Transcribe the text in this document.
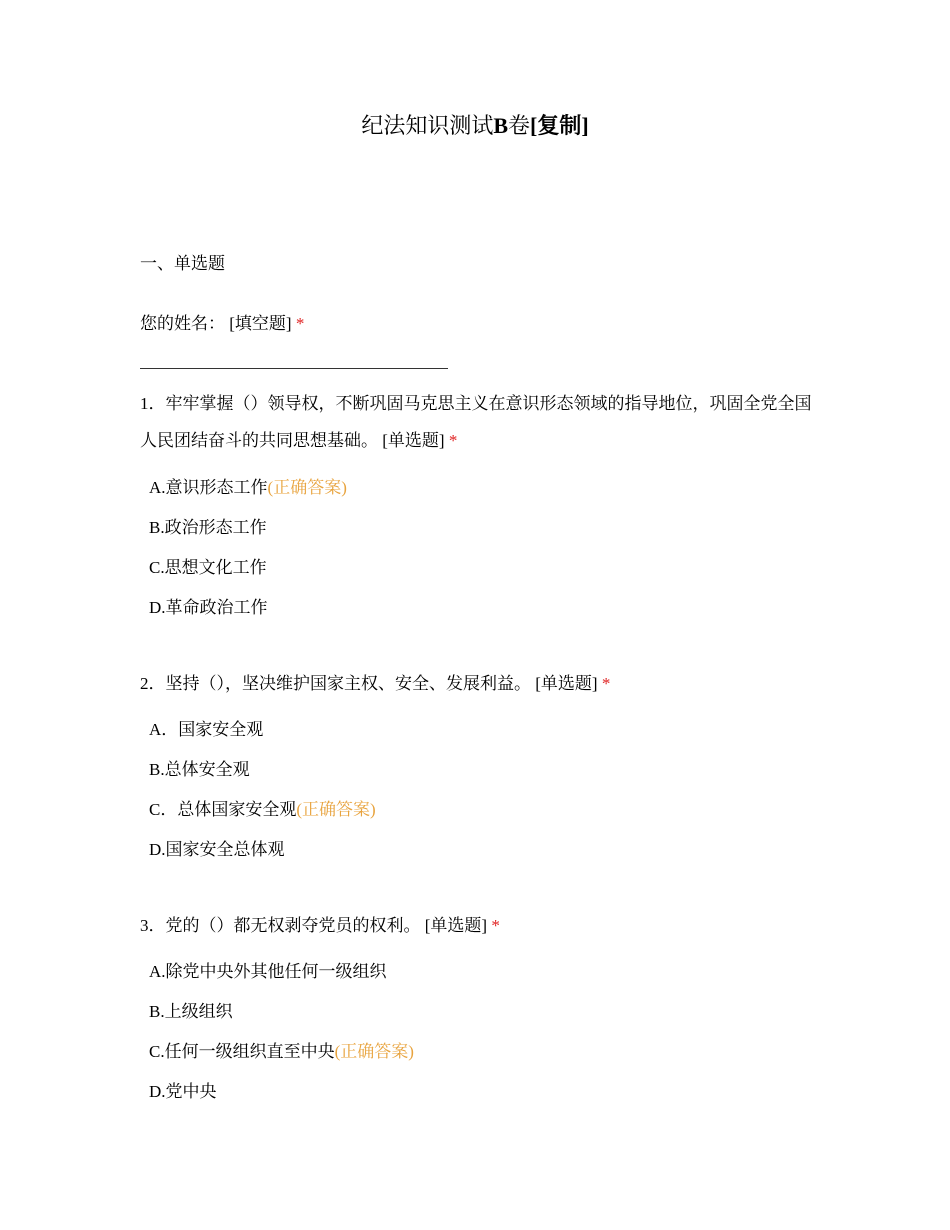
纪法知识测试B卷[复制]
一、单选题
您的姓名： [填空题] *
1．牢牢掌握（）领导权，不断巩固马克思主义在意识形态领域的指导地位，巩固全党全国人民团结奋斗的共同思想基础。 [单选题] *
A.意识形态工作(正确答案)
B.政治形态工作
C.思想文化工作
D.革命政治工作
2．坚持（），坚决维护国家主权、安全、发展利益。 [单选题] *
A．国家安全观
B.总体安全观
C．总体国家安全观(正确答案)
D.国家安全总体观
3．党的（）都无权剥夺党员的权利。 [单选题] *
A.除党中央外其他任何一级组织
B.上级组织
C.任何一级组织直至中央(正确答案)
D.党中央
